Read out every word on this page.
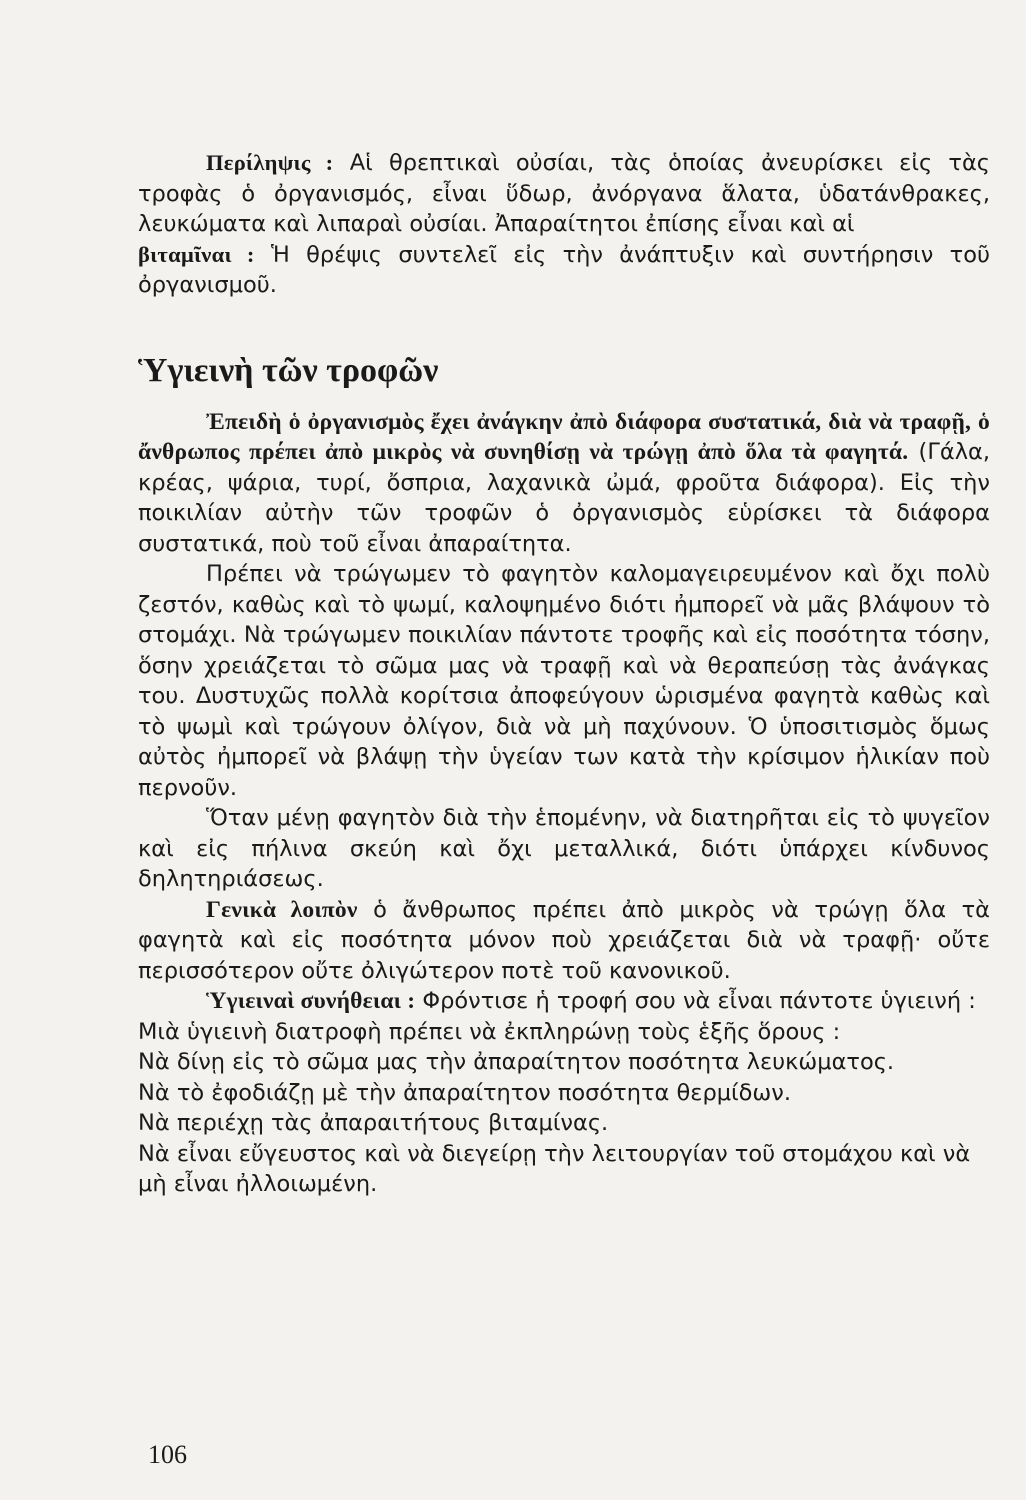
Περίληψις : Αἱ θρεπτικαὶ οὐσίαι, τὰς ὁποίας ἀνευρίσκει εἰς τὰς τροφὰς ὁ ὀργανισμός, εἶναι ὕδωρ, ἀνόργανα ἅλατα, ὑδατάνθρακες, λευκώματα καὶ λιπαραὶ οὐσίαι. Ἀπαραίτητοι ἐπίσης εἶναι καὶ αἱ
βιταμῖναι : Ἡ θρέψις συντελεῖ εἰς τὴν ἀνάπτυξιν καὶ συντήρησιν τοῦ ὀργανισμοῦ.

Ὑγιεινὴ τῶν τροφῶν

Ἐπειδὴ ὁ ὀργανισμὸς ἔχει ἀνάγκην ἀπὸ διάφορα συστατικά, διὰ νὰ τραφῇ, ὁ ἄνθρωπος πρέπει ἀπὸ μικρὸς νὰ συνηθίσῃ νὰ τρώγῃ ἀπὸ ὅλα τὰ φαγητά. (Γάλα, κρέας, ψάρια, τυρί, ὄσπρια, λαχανικὰ ὠμά, φροῦτα διάφορα). Εἰς τὴν ποικιλίαν αὐτὴν τῶν τροφῶν ὁ ὀργανισμὸς εὑρίσκει τὰ διάφορα συστατικά, ποὺ τοῦ εἶναι ἀπαραίτητα.

Πρέπει νὰ τρώγωμεν τὸ φαγητὸν καλομαγειρευμένον καὶ ὄχι πολὺ ζεστόν, καθὼς καὶ τὸ ψωμί, καλοψημένο διότι ἠμπορεῖ νὰ μᾶς βλάψουν τὸ στομάχι. Νὰ τρώγωμεν ποικιλίαν πάντοτε τροφῆς καὶ εἰς ποσότητα τόσην, ὅσην χρειάζεται τὸ σῶμα μας νὰ τραφῇ καὶ νὰ θεραπεύσῃ τὰς ἀνάγκας του. Δυστυχῶς πολλὰ κορίτσια ἀποφεύγουν ὡρισμένα φαγητὰ καθὼς καὶ τὸ ψωμὶ καὶ τρώγουν ὀλίγον, διὰ νὰ μὴ παχύνουν. Ὁ ὑποσιτισμὸς ὅμως αὐτὸς ἠμπορεῖ νὰ βλάψῃ τὴν ὑγείαν των κατὰ τὴν κρίσιμον ἡλικίαν ποὺ περνοῦν.

Ὅταν μένῃ φαγητὸν διὰ τὴν ἑπομένην, νὰ διατηρῆται εἰς τὸ ψυγεῖον καὶ εἰς πήλινα σκεύη καὶ ὄχι μεταλλικά, διότι ὑπάρχει κίνδυνος δηλητηριάσεως.

Γενικὰ λοιπὸν ὁ ἄνθρωπος πρέπει ἀπὸ μικρὸς νὰ τρώγῃ ὅλα τὰ φαγητὰ καὶ εἰς ποσότητα μόνον ποὺ χρειάζεται διὰ νὰ τραφῇ· οὔτε περισσότερον οὔτε ὀλιγώτερον ποτὲ τοῦ κανονικοῦ.

Ὑγιειναὶ συνήθειαι : Φρόντισε ἡ τροφή σου νὰ εἶναι πάντοτε ὑγιεινή :

Μιὰ ὑγιεινὴ διατροφὴ πρέπει νὰ ἐκπληρώνῃ τοὺς ἑξῆς ὅρους :
Νὰ δίνῃ εἰς τὸ σῶμα μας τὴν ἀπαραίτητον ποσότητα λευκώματος.
Νὰ τὸ ἐφοδιάζῃ μὲ τὴν ἀπαραίτητον ποσότητα θερμίδων.
Νὰ περιέχῃ τὰς ἀπαραιτήτους βιταμίνας.
Νὰ εἶναι εὔγευστος καὶ νὰ διεγείρῃ τὴν λειτουργίαν τοῦ στομάχου καὶ νὰ μὴ εἶναι ἠλλοιωμένη.
106
